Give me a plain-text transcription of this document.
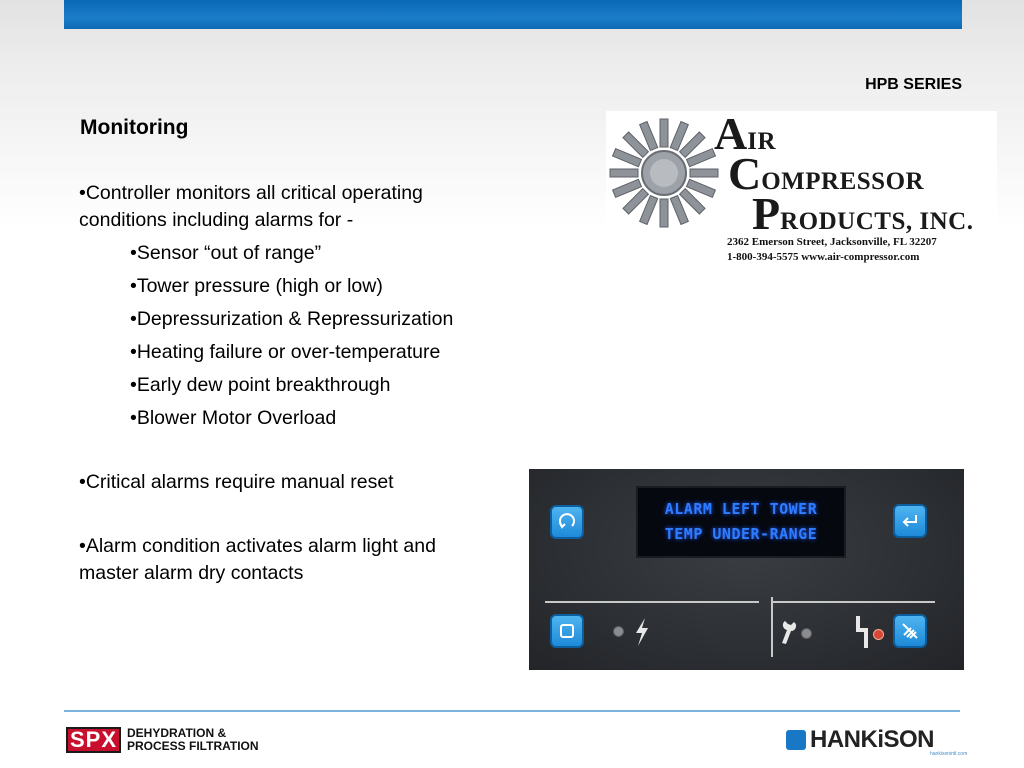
HPB SERIES
Monitoring

•Controller monitors all critical operating conditions including alarms for -

•Sensor “out of range”

•Tower pressure (high or low)

•Depressurization & Repressurization

•Heating failure or over-temperature

•Early dew point breakthrough

•Blower Motor Overload

•Critical alarms require manual reset

•Alarm condition activates alarm light and master alarm dry contacts

AIR
COMPRESSOR
PRODUCTS, INC.
2362 Emerson Street, Jacksonville, FL 32207
1-800-394-5575 www.air-compressor.com
ALARM LEFT TOWER
TEMP UNDER-RANGE
SPX DEHYDRATION &
PROCESS FILTRATION	HANKiSON
hankisonintl.com
